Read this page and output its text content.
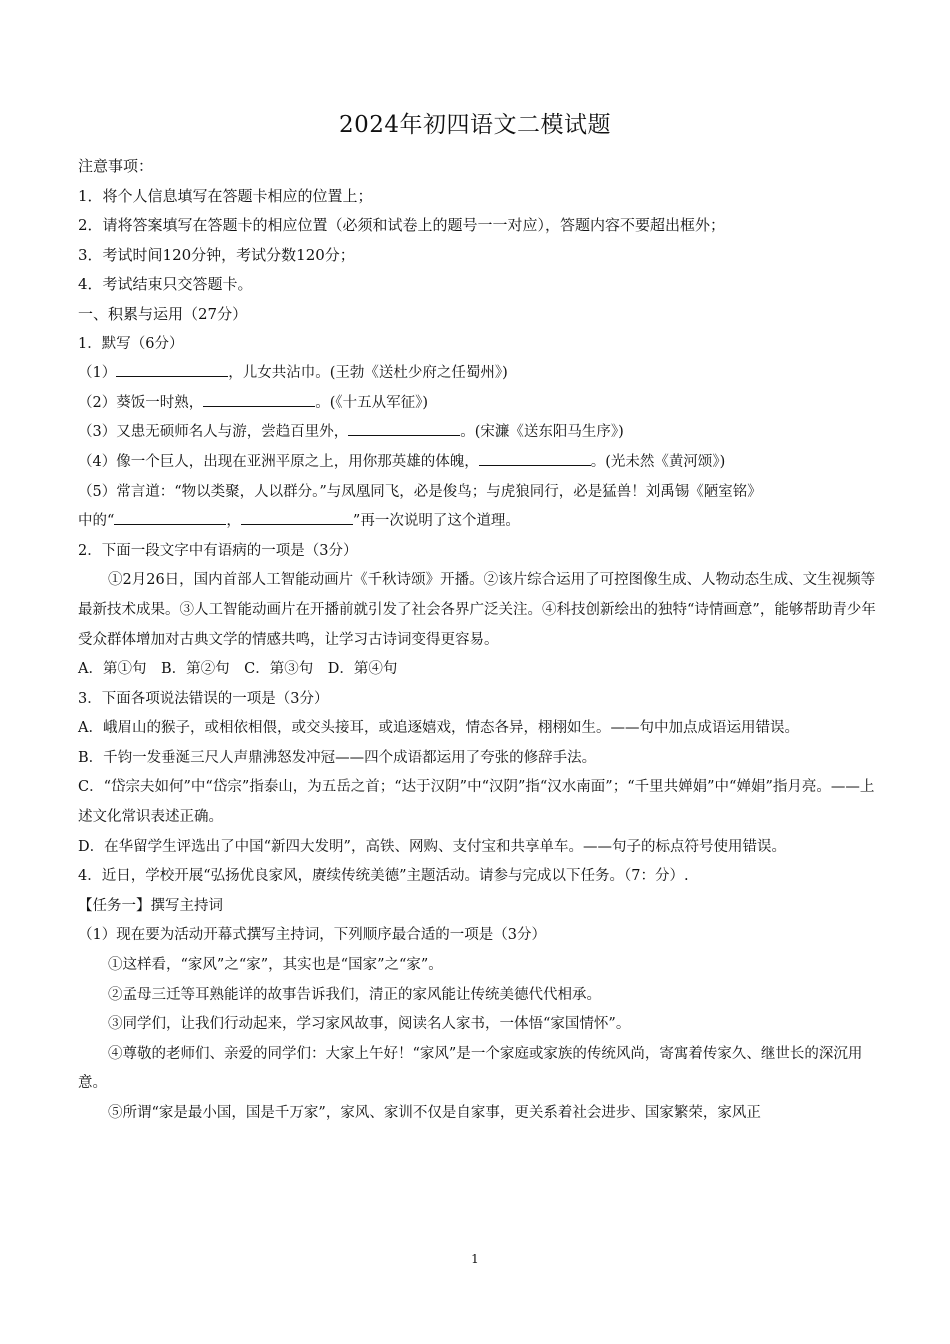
2024年初四语文二模试题
注意事项：
1．将个人信息填写在答题卡相应的位置上；
2．请将答案填写在答题卡的相应位置（必须和试卷上的题号一一对应），答题内容不要超出框外；
3．考试时间120分钟，考试分数120分；
4．考试结束只交答题卡。
一、积累与运用（27分）
1．默写（6分）
（1）	，儿女共沾巾。(王勃《送杜少府之任蜀州》)
（2）葵饭一时熟，	。(《十五从军征》)
（3）又患无硕师名人与游，尝趋百里外，	。(宋濂《送东阳马生序》)
（4）像一个巨人，出现在亚洲平原之上，用你那英雄的体魄，	。(光未然《黄河颂》)
（5）常言道：“物以类聚，人以群分。”与凤凰同飞，必是俊鸟；与虎狼同行，必是猛兽！刘禹锡《陋室铭》
中的“	，	”再一次说明了这个道理。
2．下面一段文字中有语病的一项是（3分）
①2月26日，国内首部人工智能动画片《千秋诗颂》开播。②该片综合运用了可控图像生成、人物动态生成、文生视频等最新技术成果。③人工智能动画片在开播前就引发了社会各界广泛关注。④科技创新绘出的独特“诗情画意”，能够帮助青少年受众群体增加对古典文学的情感共鸣，让学习古诗词变得更容易。
A．第①句　B．第②句　C．第③句　D．第④句
3．下面各项说法错误的一项是（3分）
A．峨眉山的猴子，或相依相偎，或交头接耳，或追逐嬉戏，情态各异，栩栩如生。——句中加点成语运用错误。
B．千钧一发垂涎三尺人声鼎沸怒发冲冠——四个成语都运用了夸张的修辞手法。
C．“岱宗夫如何”中“岱宗”指泰山，为五岳之首；“达于汉阴”中“汉阴”指“汉水南面”；“千里共婵娟”中“婵娟”指月亮。——上述文化常识表述正确。
D．在华留学生评选出了中国“新四大发明”，高铁、网购、支付宝和共享单车。——句子的标点符号使用错误。
4．近日，学校开展“弘扬优良家风，赓续传统美德”主题活动。请参与完成以下任务。（7：分）.
【任务一】撰写主持词
（1）现在要为活动开幕式撰写主持词，下列顺序最合适的一项是（3分）
①这样看，“家风”之“家”，其实也是“国家”之“家”。
②孟母三迁等耳熟能详的故事告诉我们，清正的家风能让传统美德代代相承。
③同学们，让我们行动起来，学习家风故事，阅读名人家书，一体悟“家国情怀”。
④尊敬的老师们、亲爱的同学们：大家上午好！“家风”是一个家庭或家族的传统风尚，寄寓着传家久、继世长的深沉用意。
⑤所谓“家是最小国，国是千万家”，家风、家训不仅是自家事，更关系着社会进步、国家繁荣，家风正
1
